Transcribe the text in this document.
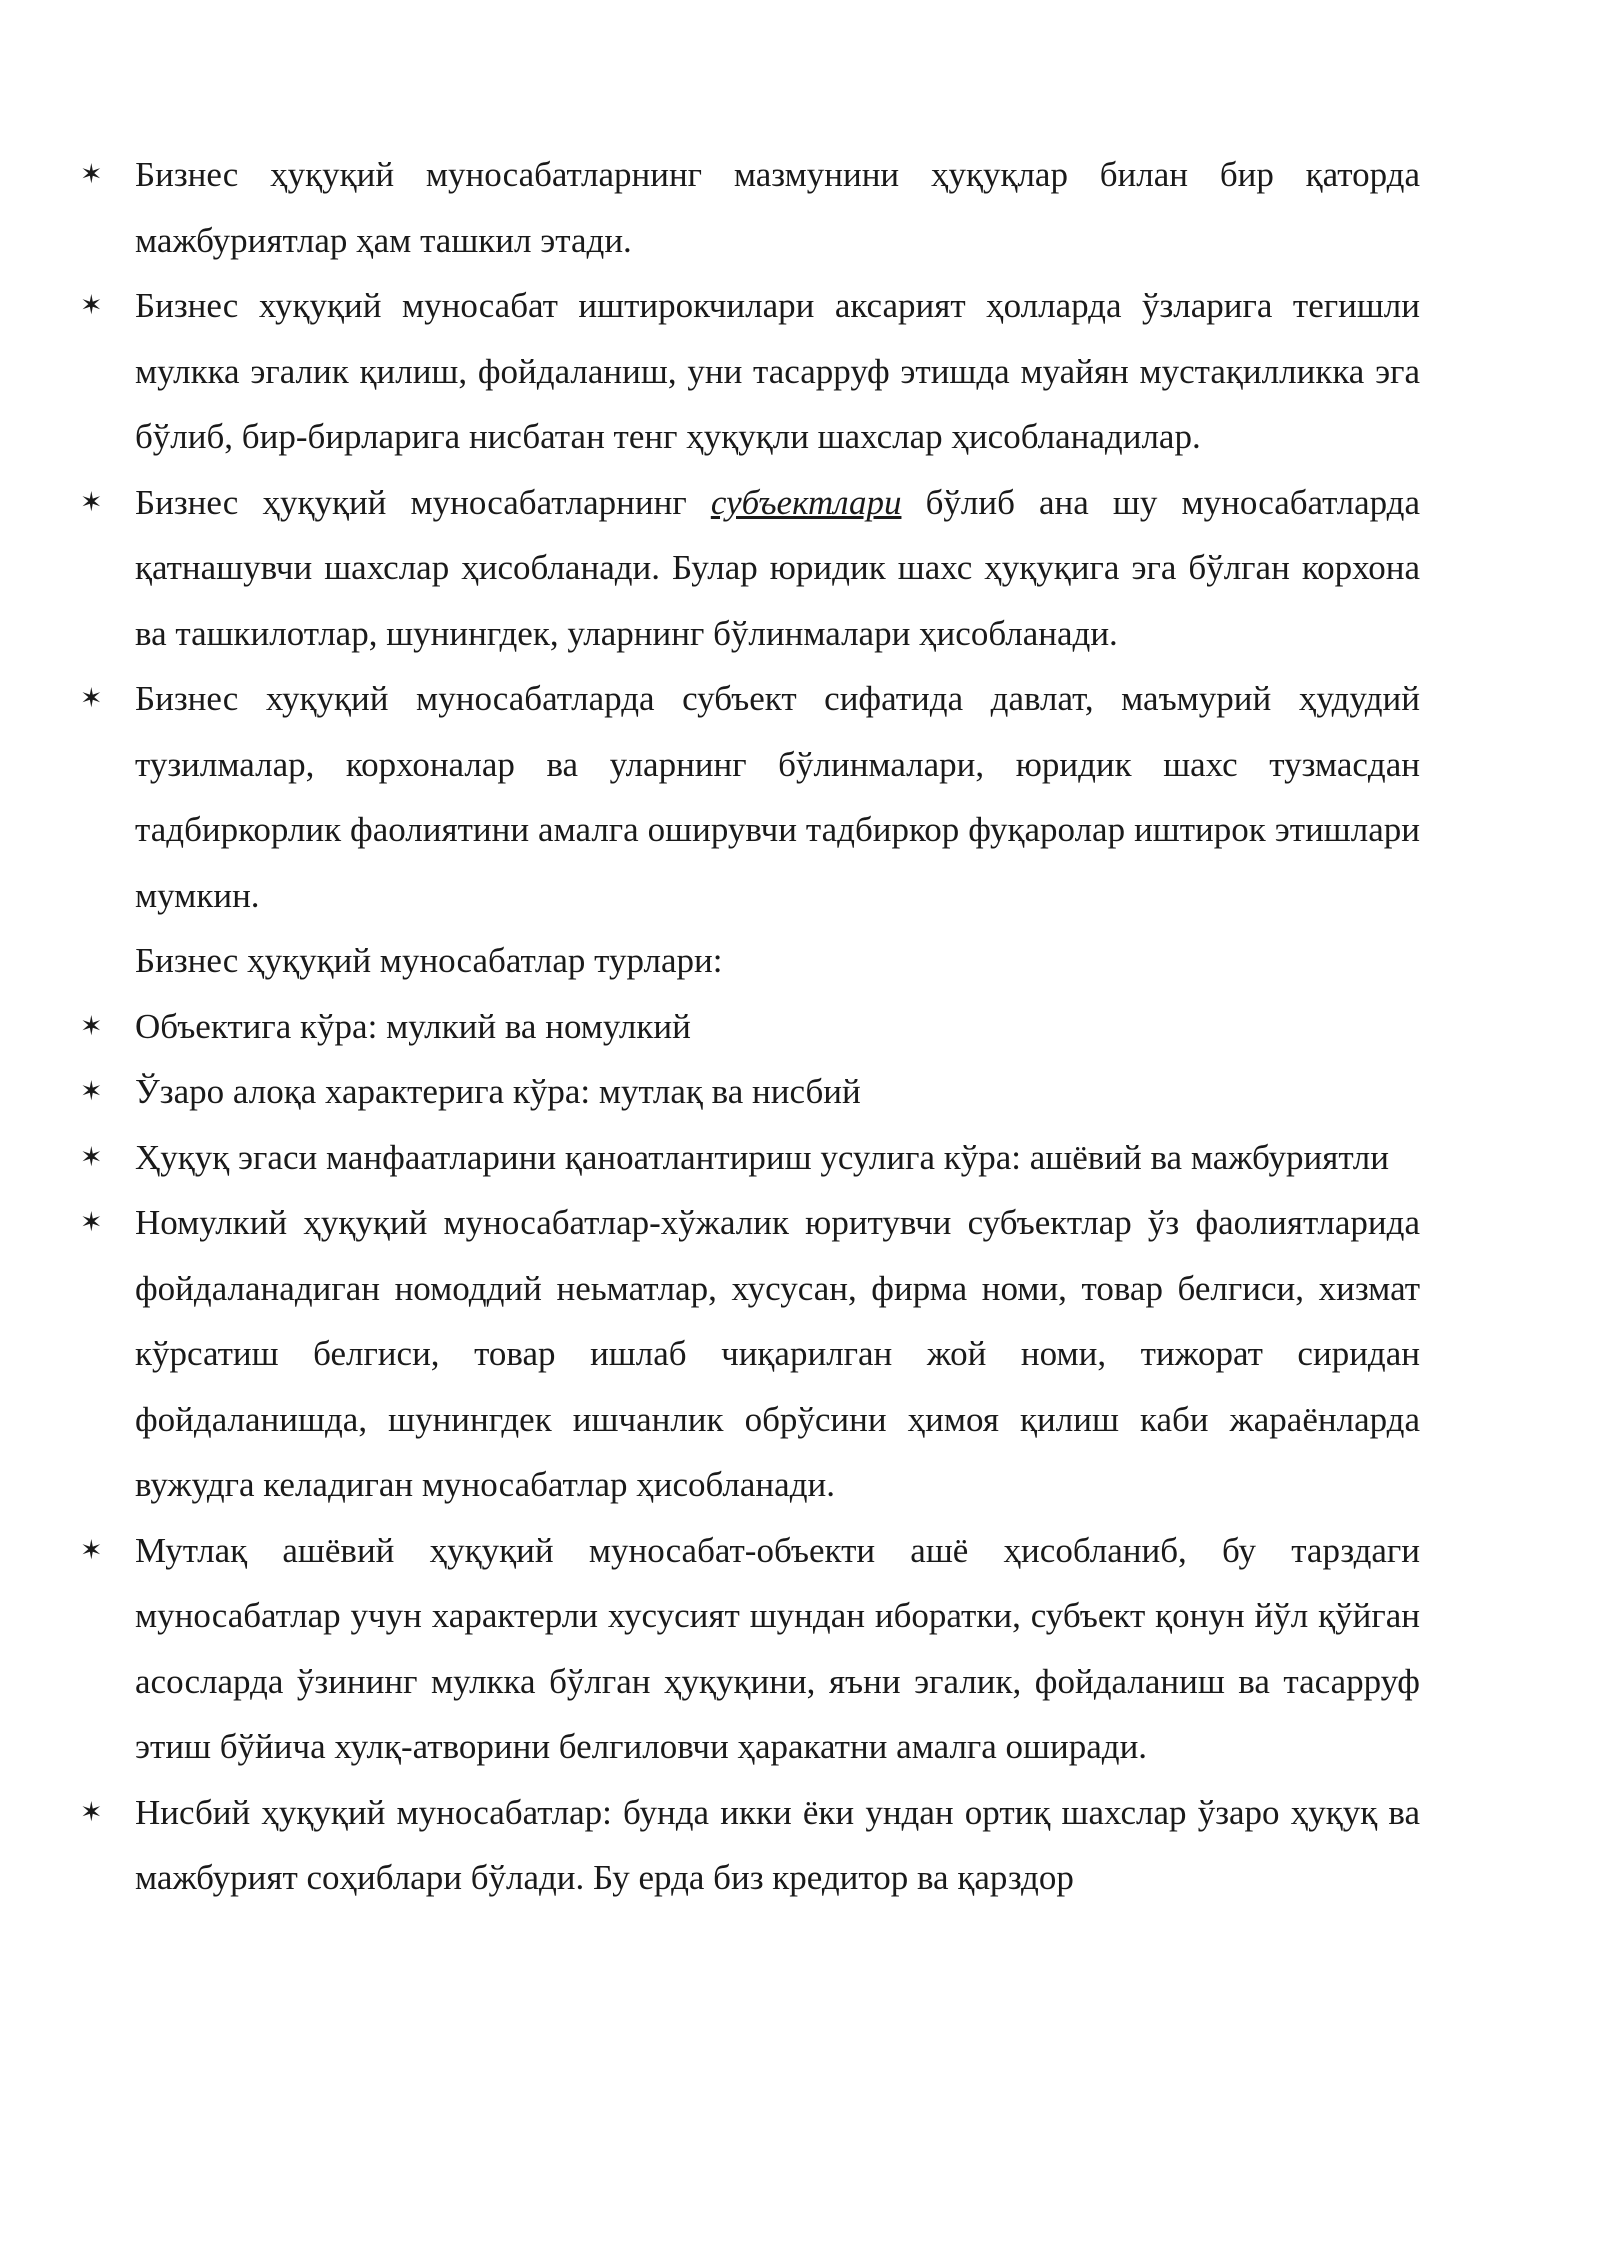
✶ Бизнес ҳуқуқий муносабатларнинг мазмунини ҳуқуқлар билан бир қаторда мажбуриятлар ҳам ташкил этади.
✶ Бизнес хуқуқий муносабат иштирокчилари аксарият ҳолларда ўзларига тегишли мулкка эгалик қилиш, фойдаланиш, уни тасарруф этишда муайян мустақилликка эга бўлиб, бир-бирларига нисбатан тенг ҳуқуқли шахслар ҳисобланадилар.
✶ Бизнес ҳуқуқий муносабатларнинг субъектлари бўлиб ана шу муносабатларда қатнашувчи шахслар ҳисобланади. Булар юридик шахс ҳуқуқига эга бўлган корхона ва ташкилотлар, шунингдек, уларнинг бўлинмалари ҳисобланади.
✶ Бизнес хуқуқий муносабатларда субъект сифатида давлат, маъмурий ҳудудий тузилмалар, корхоналар ва уларнинг бўлинмалари, юридик шахс тузмасдан тадбиркорлик фаолиятини амалга оширувчи тадбиркор фуқаролар иштирок этишлари мумкин.
Бизнес ҳуқуқий муносабатлар турлари:
✶ Объектига кўра: мулкий ва номулкий
✶ Ўзаро алоқа характерига кўра: мутлақ ва нисбий
✶ Ҳуқуқ эгаси манфаатларини қаноатлантириш усулига кўра: ашёвий ва мажбуриятли
✶ Номулкий ҳуқуқий муносабатлар-хўжалик юритувчи субъектлар ўз фаолиятларида фойдаланадиган номоддий неьматлар, хусусан, фирма номи, товар белгиси, хизмат кўрсатиш белгиси, товар ишлаб чиқарилган жой номи, тижорат сиридан фойдаланишда, шунингдек ишчанлик обрўсини ҳимоя қилиш каби жараёнларда вужудга келадиган муносабатлар ҳисобланади.
✶ Мутлақ ашёвий ҳуқуқий муносабат-объекти ашё ҳисобланиб, бу тарздаги муносабатлар учун характерли хусусият шундан иборатки, субъект қонун йўл қўйган асосларда ўзининг мулкка бўлган ҳуқуқини, яъни эгалик, фойдаланиш ва тасарруф этиш бўйича хулқ-атворини белгиловчи ҳаракатни амалга оширади.
✶ Нисбий ҳуқуқий муносабатлар: бунда икки ёки ундан ортиқ шахслар ўзаро ҳуқуқ ва мажбурият соҳиблари бўлади. Бу ерда биз кредитор ва қарздор
